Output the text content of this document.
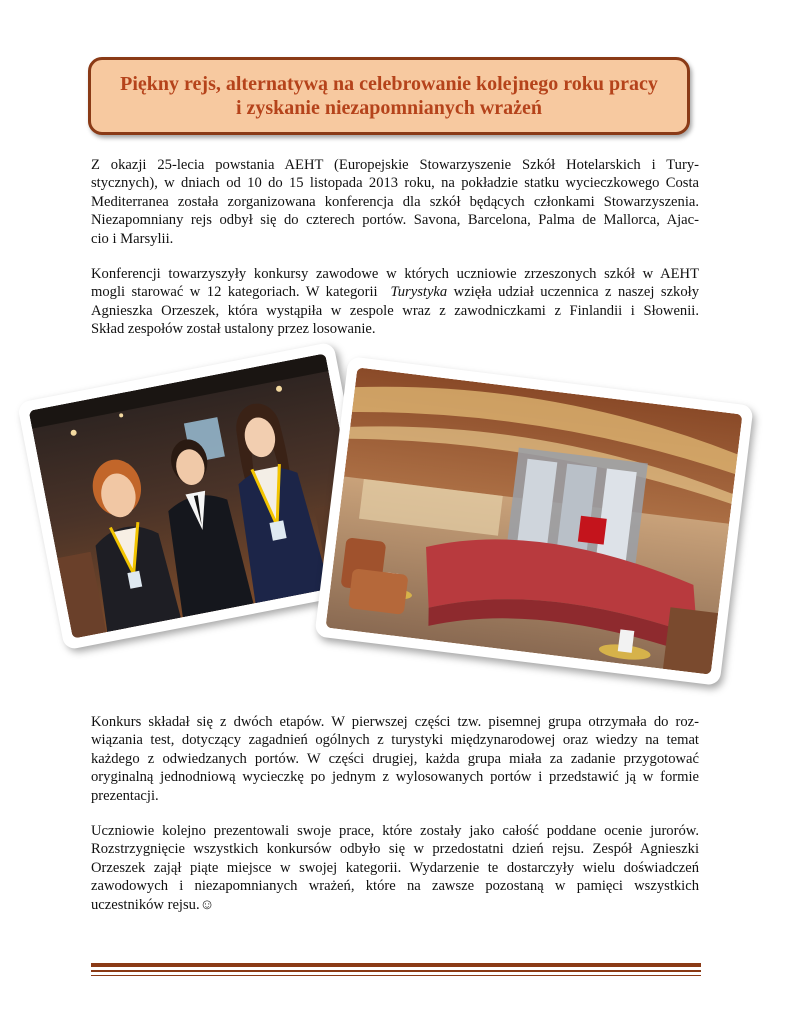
Piękny rejs, alternatywą na celebrowanie kolejnego roku pracy
i zyskanie niezapomnianych wrażeń
Z okazji 25-lecia powstania AEHT (Europejskie Stowarzyszenie Szkół Hotelarskich i Tury-
stycznych), w dniach od 10 do 15 listopada 2013 roku, na pokładzie statku wycieczkowego Costa
Mediterranea została zorganizowana konferencja dla szkół będących członkami Stowarzyszenia.
Niezapomniany rejs odbył się do czterech portów. Savona, Barcelona, Palma de Mallorca, Ajac-
cio i Marsylii.
Konferencji towarzyszyły konkursy zawodowe w których uczniowie zrzeszonych szkół w AEHT
mogli starować w 12 kategoriach. W kategorii  Turystyka wzięła udział uczennica z naszej szkoły
Agnieszka Orzeszek, która wystąpiła w zespole wraz z zawodniczkami z Finlandii i Słowenii.
Skład zespołów został ustalony przez losowanie.
Konkurs składał się z dwóch etapów. W pierwszej części tzw. pisemnej grupa otrzymała do roz-
wiązania test, dotyczący zagadnień ogólnych z turystyki międzynarodowej oraz wiedzy na temat
każdego z odwiedzanych portów. W części drugiej, każda grupa miała za zadanie przygotować
oryginalną jednodniową wycieczkę po jednym z wylosowanych portów i przedstawić ją w formie
prezentacji.
Uczniowie kolejno prezentowali swoje prace, które zostały jako całość poddane ocenie jurorów.
Rozstrzygnięcie wszystkich konkursów odbyło się w przedostatni dzień rejsu. Zespół Agnieszki
Orzeszek zajął piąte miejsce w swojej kategorii. Wydarzenie te dostarczyły wielu doświadczeń
zawodowych i niezapomnianych wrażeń, które na zawsze pozostaną w pamięci wszystkich
uczestników rejsu.☺
